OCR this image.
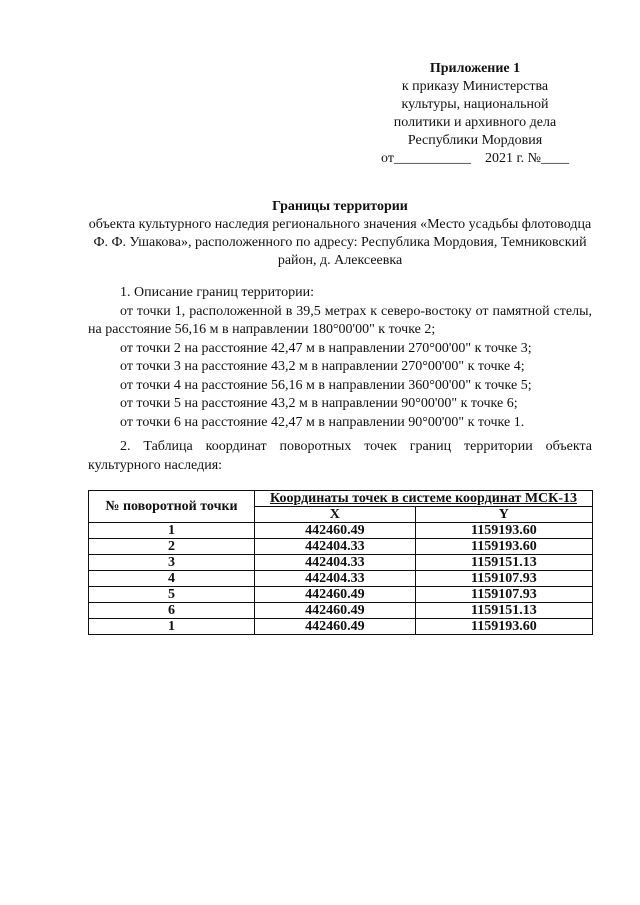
Приложение 1
к приказу Министерства
культуры, национальной
политики и архивного дела
Республики Мордовия
от___________    2021 г. №____
Границы территории
объекта культурного наследия регионального значения «Место усадьбы флотоводца Ф. Ф. Ушакова», расположенного по адресу: Республика Мордовия, Темниковский район, д. Алексеевка

1. Описание границ территории:

от точки 1, расположенной в 39,5 метрах к северо-востоку от памятной стелы, на расстояние 56,16 м в направлении 180°00'00" к точке 2;

от точки 2 на расстояние 42,47 м в направлении 270°00'00" к точке 3;

от точки 3 на расстояние 43,2 м в направлении 270°00'00" к точке 4;

от точки 4 на расстояние 56,16 м в направлении 360°00'00" к точке 5;

от точки 5 на расстояние 43,2 м в направлении 90°00'00" к точке 6;

от точки 6 на расстояние 42,47 м в направлении 90°00'00" к точке 1.

2. Таблица координат поворотных точек границ территории объекта культурного наследия:

№ поворотной точки	Координаты точек в системе координат МСК-13	
	X	Y
1	442460.49	1159193.60
2	442404.33	1159193.60
3	442404.33	1159151.13
4	442404.33	1159107.93
5	442460.49	1159107.93
6	442460.49	1159151.13
1	442460.49	1159193.60
